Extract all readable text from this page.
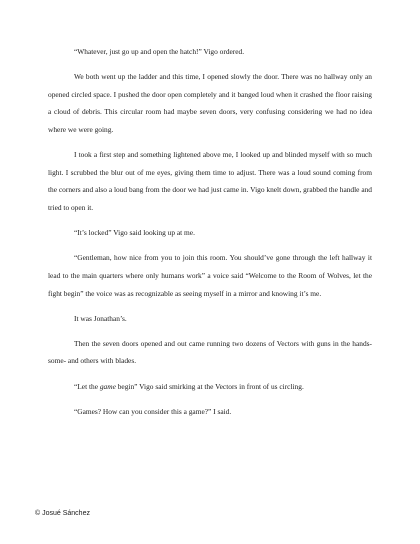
“Whatever, just go up and open the hatch!” Vigo ordered.

We both went up the ladder and this time, I opened slowly the door. There was no hallway only an opened circled space. I pushed the door open completely and it banged loud when it crashed the floor raising a cloud of debris. This circular room had maybe seven doors, very confusing considering we had no idea where we were going.

I took a first step and something lightened above me, I looked up and blinded myself with so much light. I scrubbed the blur out of me eyes, giving them time to adjust. There was a loud sound coming from the corners and also a loud bang from the door we had just came in. Vigo knelt down, grabbed the handle and tried to open it.

“It’s locked” Vigo said looking up at me.

“Gentleman, how nice from you to join this room. You should’ve gone through the left hallway it lead to the main quarters where only humans work” a voice said “Welcome to the Room of Wolves, let the fight begin” the voice was as recognizable as seeing myself in a mirror and knowing it’s me.

It was Jonathan’s.

Then the seven doors opened and out came running two dozens of Vectors with guns in the hands- some- and others with blades.

“Let the game begin” Vigo said smirking at the Vectors in front of us circling.

“Games? How can you consider this a game?” I said.

© Josué Sánchez
